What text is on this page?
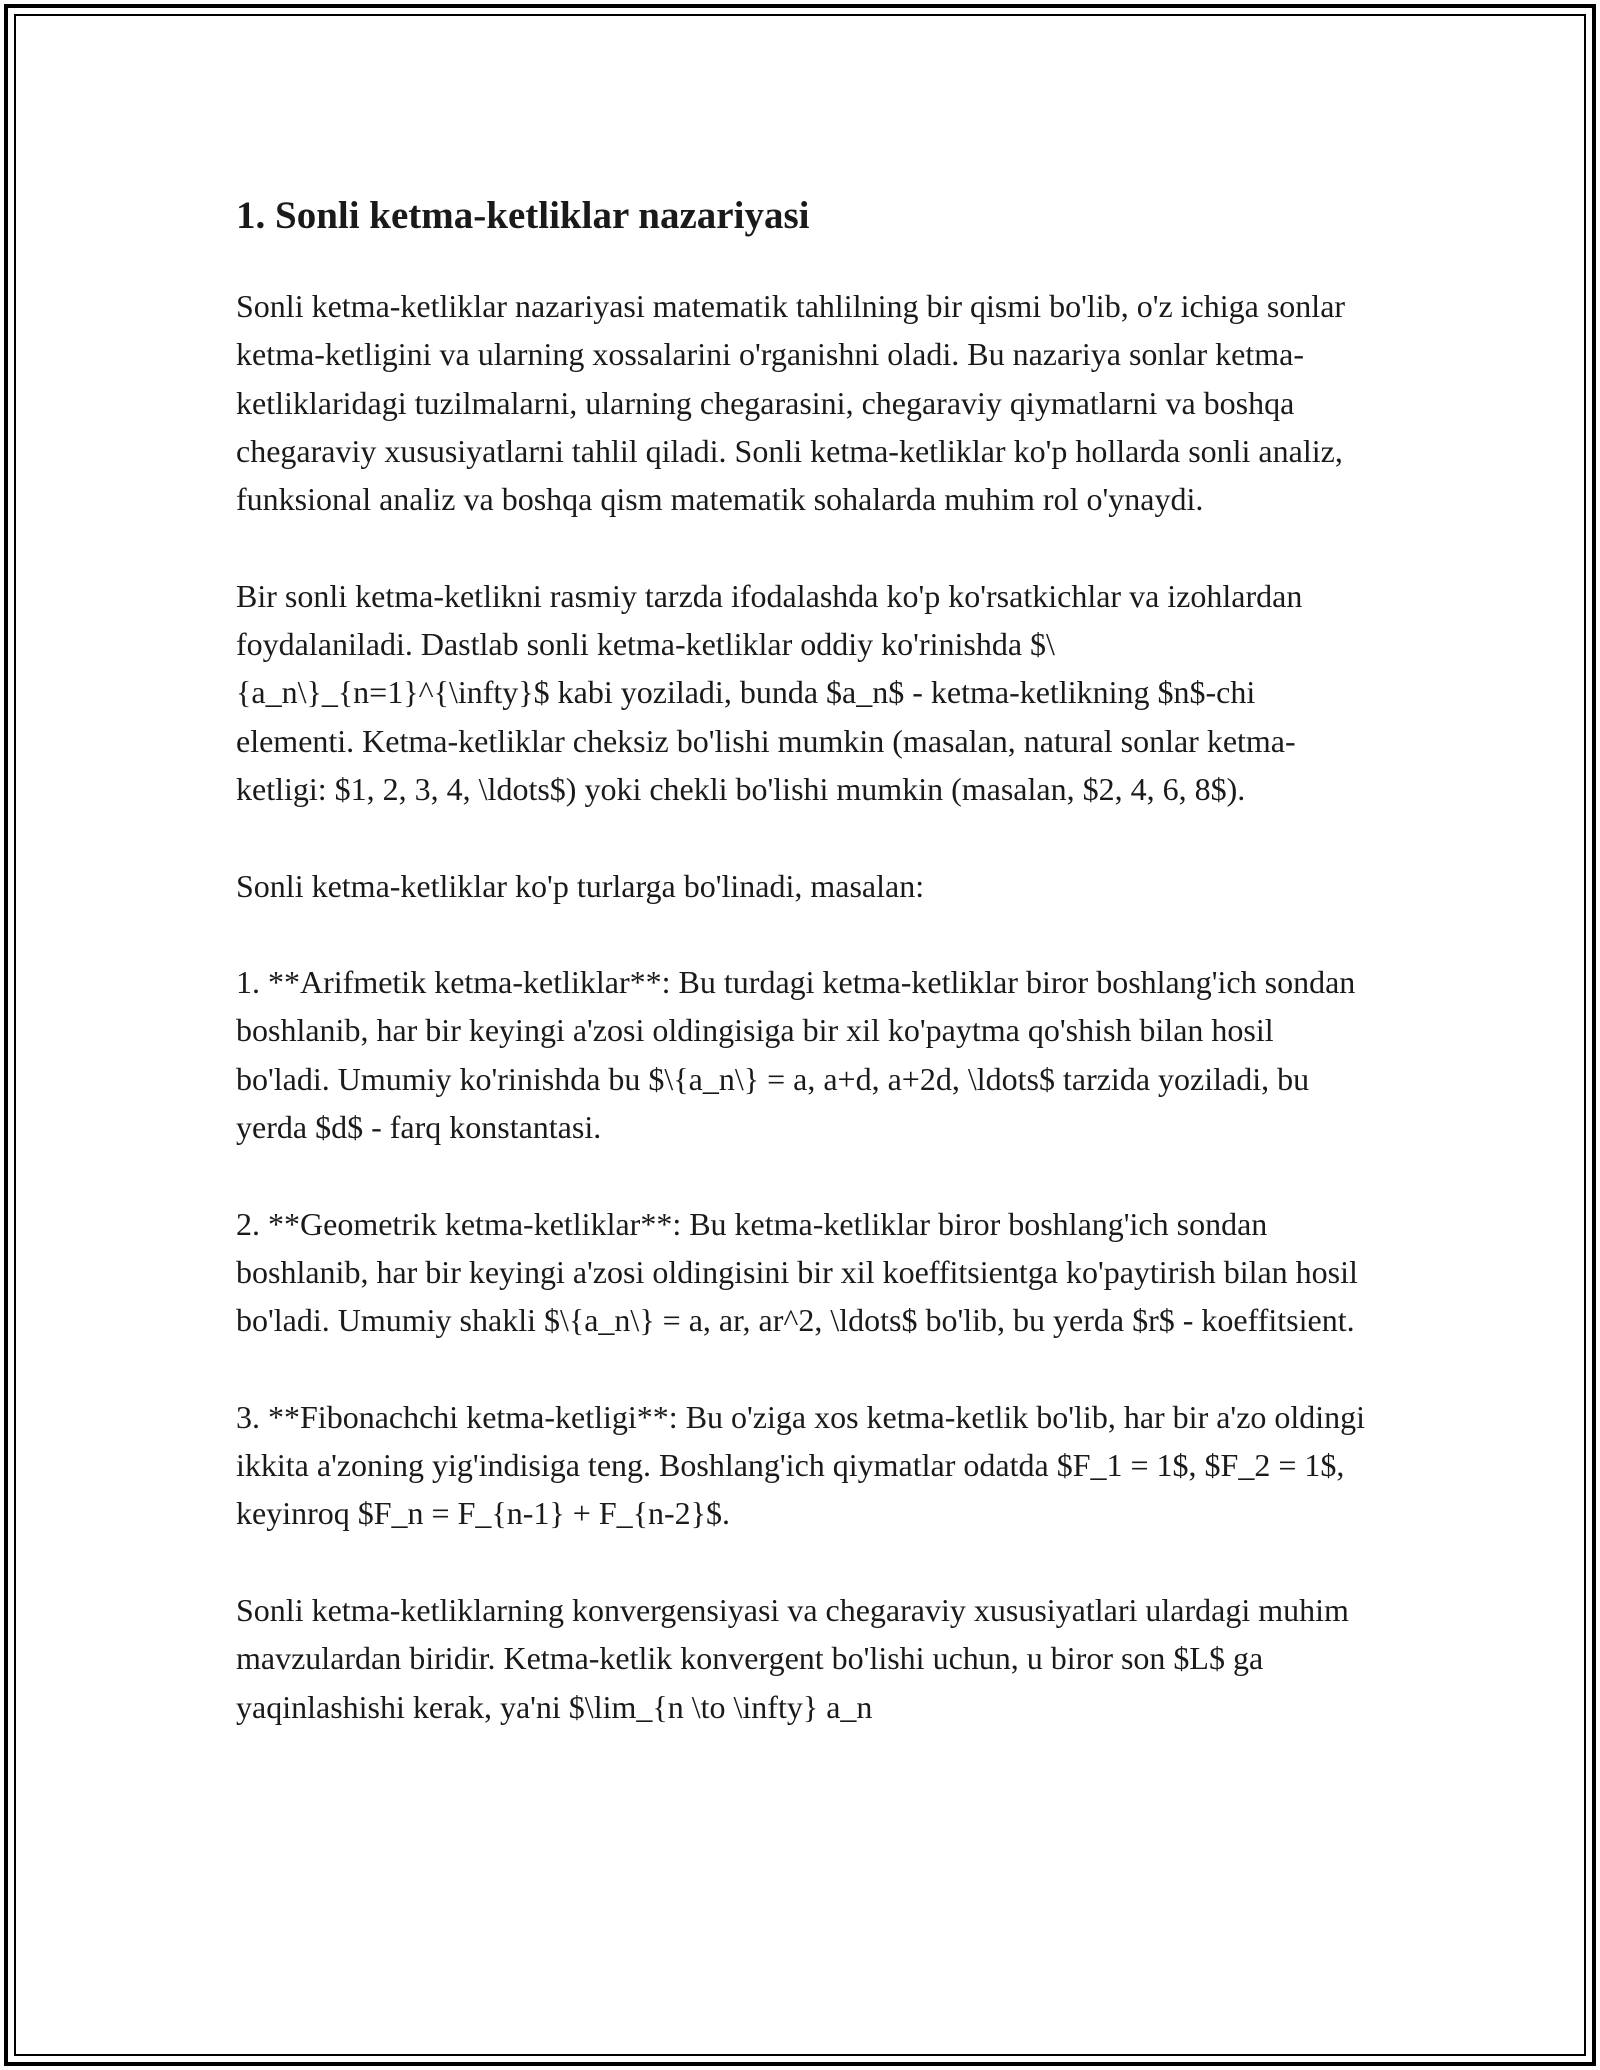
1. Sonli ketma-ketliklar nazariyasi

Sonli ketma-ketliklar nazariyasi matematik tahlilning bir qismi bo'lib, o'z ichiga sonlar ketma-ketligini va ularning xossalarini o'rganishni oladi. Bu nazariya sonlar ketma-ketliklaridagi tuzilmalarni, ularning chegarasini, chegaraviy qiymatlarni va boshqa chegaraviy xususiyatlarni tahlil qiladi. Sonli ketma-ketliklar ko'p hollarda sonli analiz, funksional analiz va boshqa qism matematik sohalarda muhim rol o'ynaydi.

Bir sonli ketma-ketlikni rasmiy tarzda ifodalashda ko'p ko'rsatkichlar va izohlardan foydalaniladi. Dastlab sonli ketma-ketliklar oddiy ko'rinishda $\{a_n\}_{n=1}^{\infty}$ kabi yoziladi, bunda $a_n$ - ketma-ketlikning $n$-chi elementi. Ketma-ketliklar cheksiz bo'lishi mumkin (masalan, natural sonlar ketma-ketligi: $1, 2, 3, 4, \ldots$) yoki chekli bo'lishi mumkin (masalan, $2, 4, 6, 8$).

Sonli ketma-ketliklar ko'p turlarga bo'linadi, masalan:

1. **Arifmetik ketma-ketliklar**: Bu turdagi ketma-ketliklar biror boshlang'ich sondan boshlanib, har bir keyingi a'zosi oldingisiga bir xil ko'paytma qo'shish bilan hosil bo'ladi. Umumiy ko'rinishda bu $\{a_n\} = a, a+d, a+2d, \ldots$ tarzida yoziladi, bu yerda $d$ - farq konstantasi.

2. **Geometrik ketma-ketliklar**: Bu ketma-ketliklar biror boshlang'ich sondan boshlanib, har bir keyingi a'zosi oldingisini bir xil koeffitsientga ko'paytirish bilan hosil bo'ladi. Umumiy shakli $\{a_n\} = a, ar, ar^2, \ldots$ bo'lib, bu yerda $r$ - koeffitsient.

3. **Fibonachchi ketma-ketligi**: Bu o'ziga xos ketma-ketlik bo'lib, har bir a'zo oldingi ikkita a'zoning yig'indisiga teng. Boshlang'ich qiymatlar odatda $F_1 = 1$, $F_2 = 1$, keyinroq $F_n = F_{n-1} + F_{n-2}$.

Sonli ketma-ketliklarning konvergensiyasi va chegaraviy xususiyatlari ulardagi muhim mavzulardan biridir. Ketma-ketlik konvergent bo'lishi uchun, u biror son $L$ ga yaqinlashishi kerak, ya'ni $\lim_{n \to \infty} a_n
